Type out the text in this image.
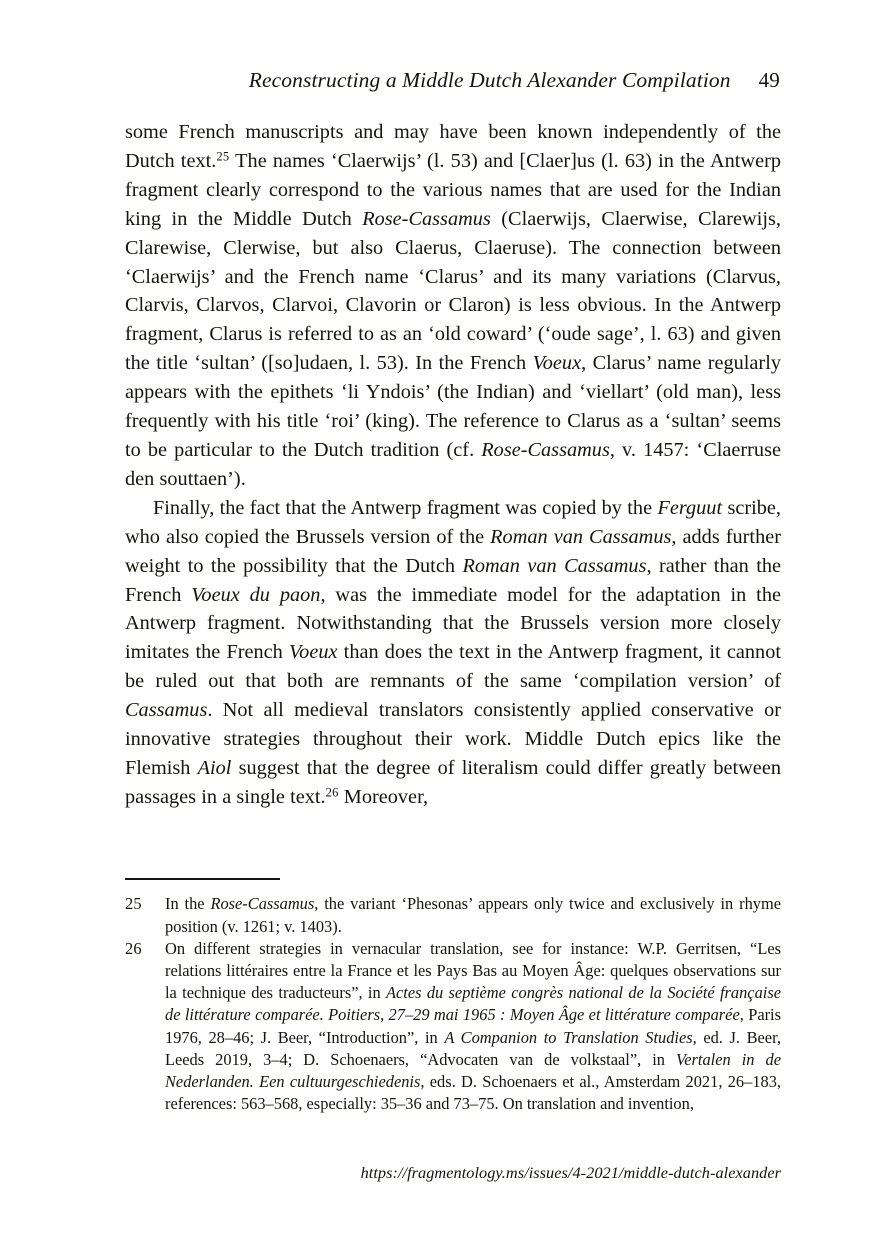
Reconstructing a Middle Dutch Alexander Compilation 49

some French manuscripts and may have been known independently of the Dutch text.$^{25}$ The names ‘Claerwijs’ (l. 53) and [Claer]us (l. 63) in the Antwerp fragment clearly correspond to the various names that are used for the Indian king in the Middle Dutch Rose-Cassamus (Claerwijs, Claerwise, Clarewijs, Clarewise, Clerwise, but also Claerus, Claeruse). The connection between ‘Claerwijs’ and the French name ‘Clarus’ and its many variations (Clarvus, Clarvis, Clarvos, Clarvoi, Clavorin or Claron) is less obvious. In the Antwerp fragment, Clarus is referred to as an ‘old coward’ (‘oude sage’, l. 63) and given the title ‘sultan’ ([so]udaen, l. 53). In the French Voeux, Clarus’ name regularly appears with the epithets ‘li Yndois’ (the Indian) and ‘viellart’ (old man), less frequently with his title ‘roi’ (king). The reference to Clarus as a ‘sultan’ seems to be particular to the Dutch tradition (cf. Rose-Cassamus, v. 1457: ‘Claerruse den souttaen’).

Finally, the fact that the Antwerp fragment was copied by the Ferguut scribe, who also copied the Brussels version of the Roman van Cassamus, adds further weight to the possibility that the Dutch Roman van Cassamus, rather than the French Voeux du paon, was the immediate model for the adaptation in the Antwerp fragment. Notwithstanding that the Brussels version more closely imitates the French Voeux than does the text in the Antwerp fragment, it cannot be ruled out that both are remnants of the same ‘compilation version’ of Cassamus. Not all medieval translators consistently applied conservative or innovative strategies throughout their work. Middle Dutch epics like the Flemish Aiol suggest that the degree of literalism could differ greatly between passages in a single text.$^{26}$ Moreover,

25	In the Rose-Cassamus, the variant ‘Phesonas’ appears only twice and exclusively in rhyme position (v. 1261; v. 1403).
26	On different strategies in vernacular translation, see for instance: W.P. Gerritsen, “Les relations littéraires entre la France et les Pays Bas au Moyen Âge: quelques observations sur la technique des traducteurs”, in Actes du septième congrès national de la Société française de littérature comparée. Poitiers, 27–29 mai 1965 : Moyen Âge et littérature comparée, Paris 1976, 28–46; J. Beer, “Introduction”, in A Companion to Translation Studies, ed. J. Beer, Leeds 2019, 3–4; D. Schoenaers, “Advocaten van de volkstaal”, in Vertalen in de Nederlanden. Een cultuurgeschiedenis, eds. D. Schoenaers et al., Amsterdam 2021, 26–183, references: 563–568, especially: 35–36 and 73–75. On translation and invention,
https://fragmentology.ms/issues/4-2021/middle-dutch-alexander
